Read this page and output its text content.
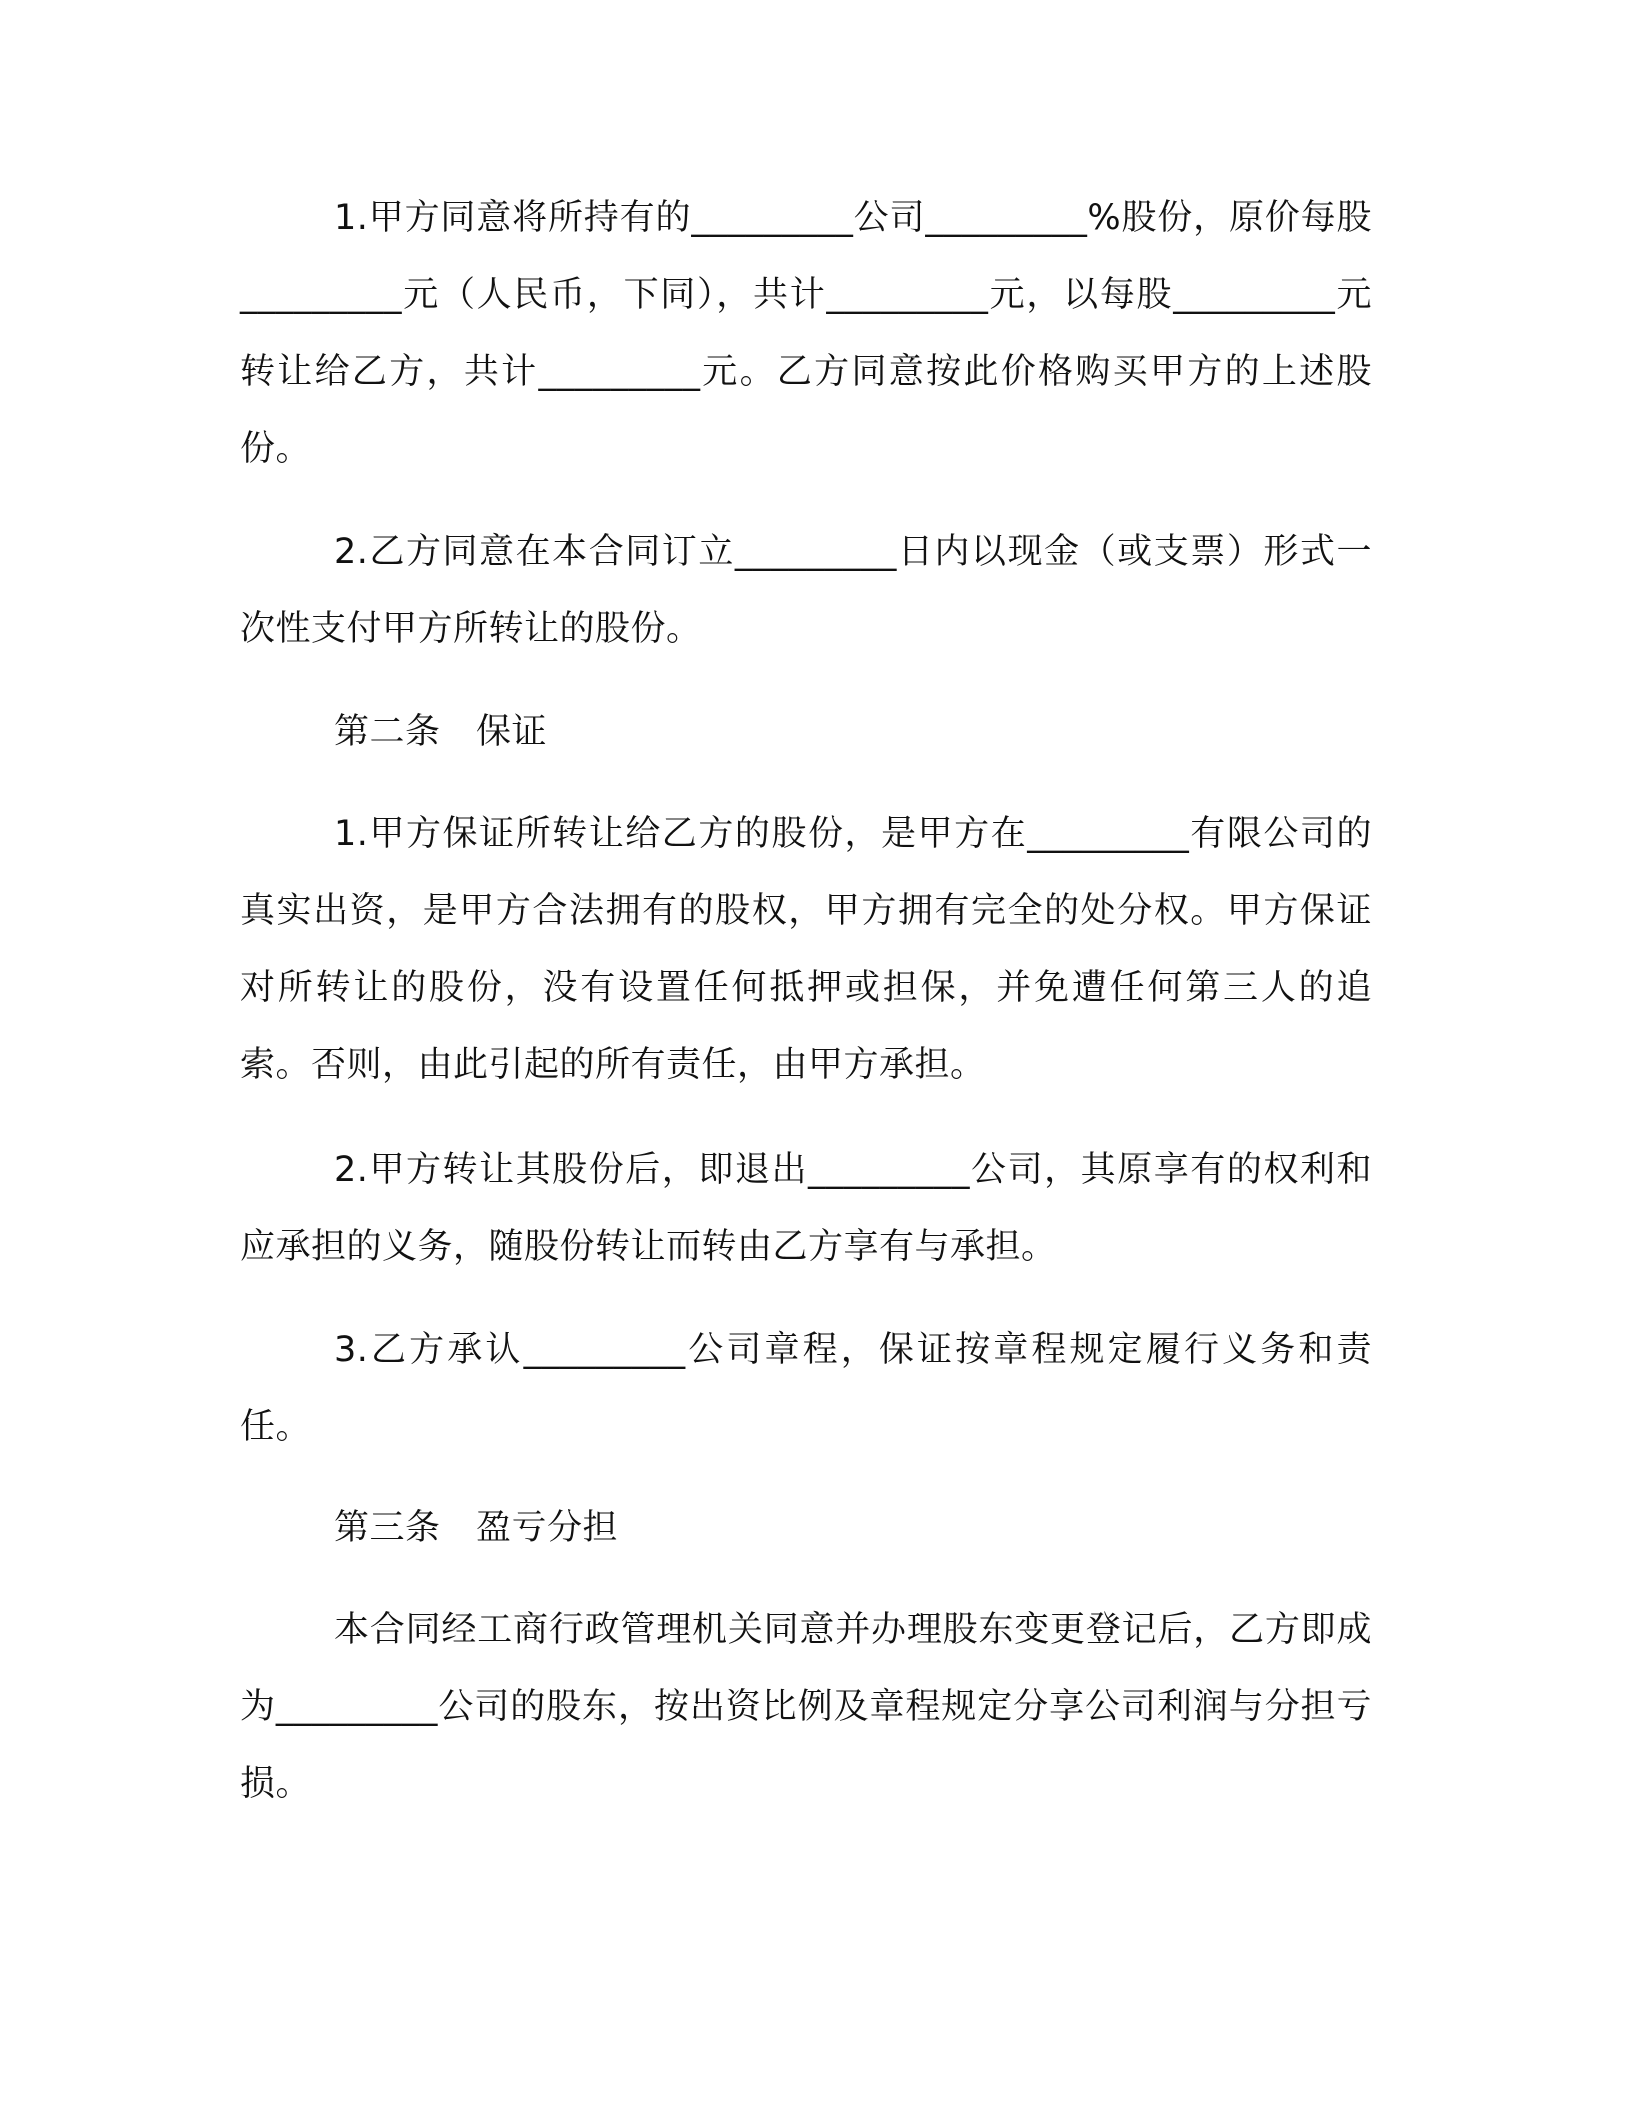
1.甲方同意将所持有的_________公司_________%股份，原价每股_________元（人民币，下同），共计_________元，以每股_________元转让给乙方，共计_________元。乙方同意按此价格购买甲方的上述股份。

2.乙方同意在本合同订立_________日内以现金（或支票）形式一次性支付甲方所转让的股份。

第二条　保证

1.甲方保证所转让给乙方的股份，是甲方在_________有限公司的真实出资，是甲方合法拥有的股权，甲方拥有完全的处分权。甲方保证对所转让的股份，没有设置任何抵押或担保，并免遭任何第三人的追索。否则，由此引起的所有责任，由甲方承担。

2.甲方转让其股份后，即退出_________公司，其原享有的权利和应承担的义务，随股份转让而转由乙方享有与承担。

3.乙方承认_________公司章程，保证按章程规定履行义务和责任。

第三条　盈亏分担

本合同经工商行政管理机关同意并办理股东变更登记后，乙方即成为_________公司的股东，按出资比例及章程规定分享公司利润与分担亏损。
